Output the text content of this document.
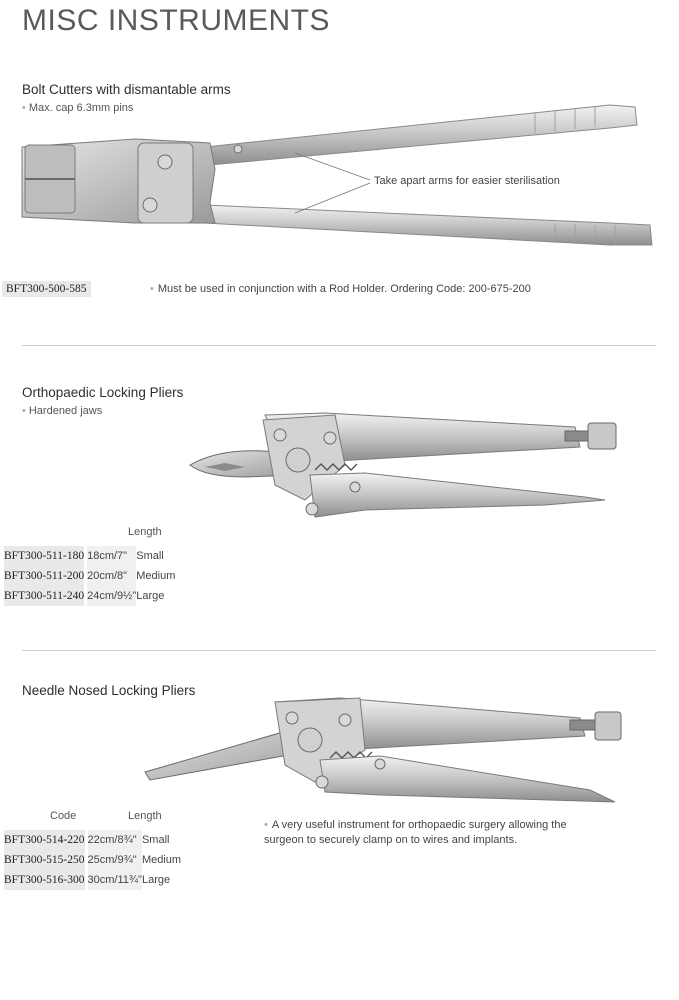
MISC INSTRUMENTS
Bolt Cutters with dismantable arms
• Max. cap 6.3mm pins
Take apart arms for easier sterilisation
BFT300-500-585	• Must be used in conjunction with a Rod Holder. Ordering Code: 200-675-200
Orthopaedic Locking Pliers
• Hardened jaws

Length
BFT300-511-180	18cm/7"	Small
BFT300-511-200	20cm/8"	Medium
BFT300-511-240	24cm/9½"	Large
Needle Nosed Locking Pliers
Code	Length
BFT300-514-220	22cm/8¾"	Small
BFT300-515-250	25cm/9¾"	Medium
BFT300-516-300	30cm/11¾"	Large
• A very useful instrument for orthopaedic surgery allowing the surgeon to securely clamp on to wires and implants.
